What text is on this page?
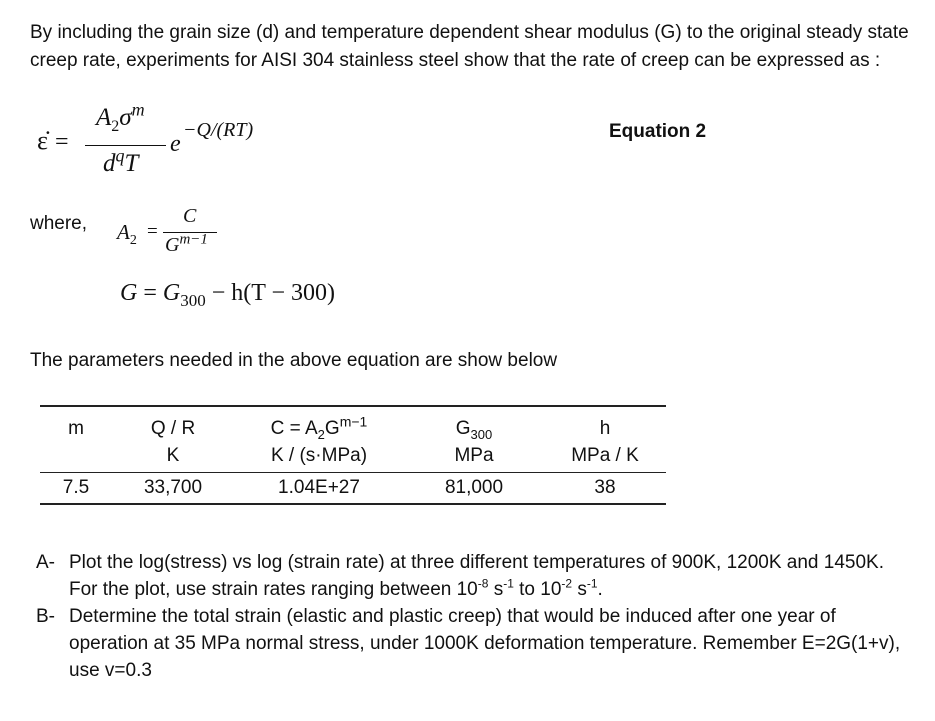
By including the grain size (d) and temperature dependent shear modulus (G) to the original steady state creep rate, experiments for AISI 304 stainless steel show that the rate of creep can be expressed as :

ε̇ =
$A_2\sigma^m$
$d^qT$
e
−Q/(RT)	Equation 2
where, $A_2$ =
C
$G^{m-1}$
$G = G_{300} - h(T - 300)$
The parameters needed in the above equation are show below
m	Q / R	$C = A_2G^{m-1}$	$G_{300}$	h
	K	K / (s·MPa)	MPa	MPa / K
7.5	33,700	1.04E+27	81,000	38
A- Plot the log(stress) vs log (strain rate) at three different temperatures of 900K, 1200K and 1450K. For the plot, use strain rates ranging between $10^{-8}$ $s^{-1}$ to $10^{-2}$ $s^{-1}$.
B- Determine the total strain (elastic and plastic creep) that would be induced after one year of operation at 35 MPa normal stress, under 1000K deformation temperature. Remember E=2G(1+v), use v=0.3
